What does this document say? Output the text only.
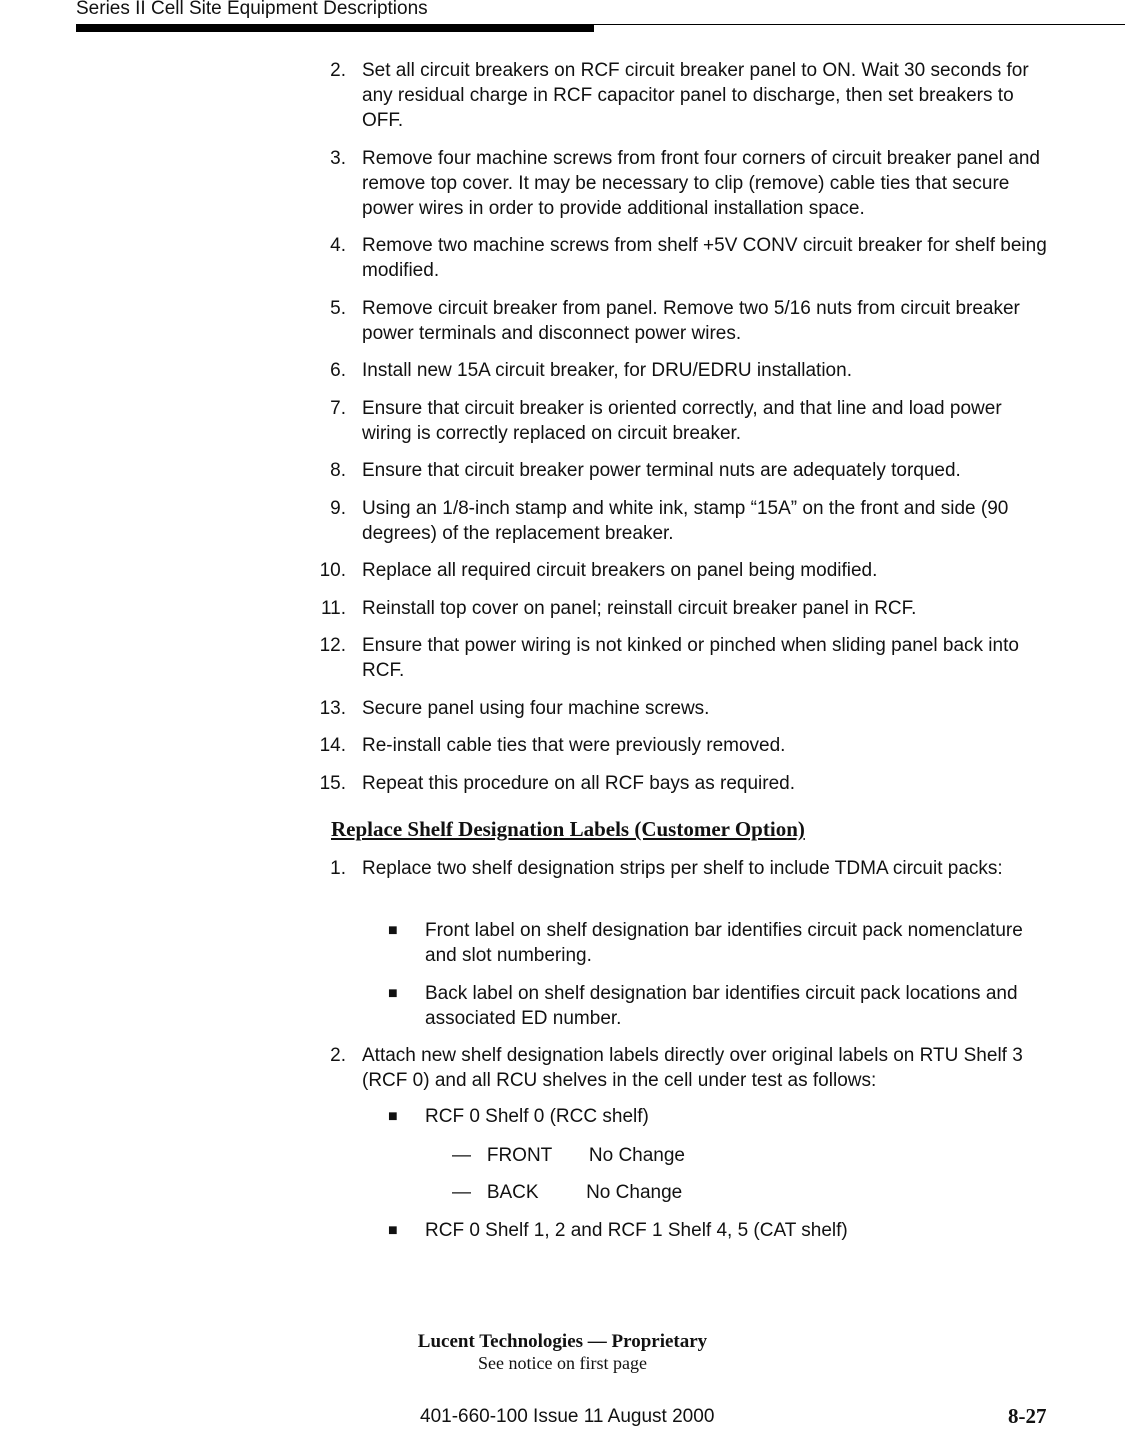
Series II Cell Site Equipment Descriptions
2. Set all circuit breakers on RCF circuit breaker panel to ON. Wait 30 seconds for any residual charge in RCF capacitor panel to discharge, then set breakers to OFF.
3. Remove four machine screws from front four corners of circuit breaker panel and remove top cover. It may be necessary to clip (remove) cable ties that secure power wires in order to provide additional installation space.
4. Remove two machine screws from shelf +5V CONV circuit breaker for shelf being modified.
5. Remove circuit breaker from panel. Remove two 5/16 nuts from circuit breaker power terminals and disconnect power wires.
6. Install new 15A circuit breaker, for DRU/EDRU installation.
7. Ensure that circuit breaker is oriented correctly, and that line and load power wiring is correctly replaced on circuit breaker.
8. Ensure that circuit breaker power terminal nuts are adequately torqued.
9. Using an 1/8-inch stamp and white ink, stamp “15A” on the front and side (90 degrees) of the replacement breaker.
10. Replace all required circuit breakers on panel being modified.
11. Reinstall top cover on panel; reinstall circuit breaker panel in RCF.
12. Ensure that power wiring is not kinked or pinched when sliding panel back into RCF.
13. Secure panel using four machine screws.
14. Re-install cable ties that were previously removed.
15. Repeat this procedure on all RCF bays as required.
Replace Shelf Designation Labels (Customer Option)
1. Replace two shelf designation strips per shelf to include TDMA circuit packs:
■ Front label on shelf designation bar identifies circuit pack nomenclature and slot numbering.
■ Back label on shelf designation bar identifies circuit pack locations and associated ED number.
2. Attach new shelf designation labels directly over original labels on RTU Shelf 3 (RCF 0) and all RCU shelves in the cell under test as follows:
■ RCF 0 Shelf 0 (RCC shelf)
—   FRONT       No Change
—   BACK         No Change
■ RCF 0 Shelf 1, 2 and RCF 1 Shelf 4, 5 (CAT shelf)
Lucent Technologies — Proprietary
See notice on first page
401-660-100 Issue 11 August 2000	8-27
